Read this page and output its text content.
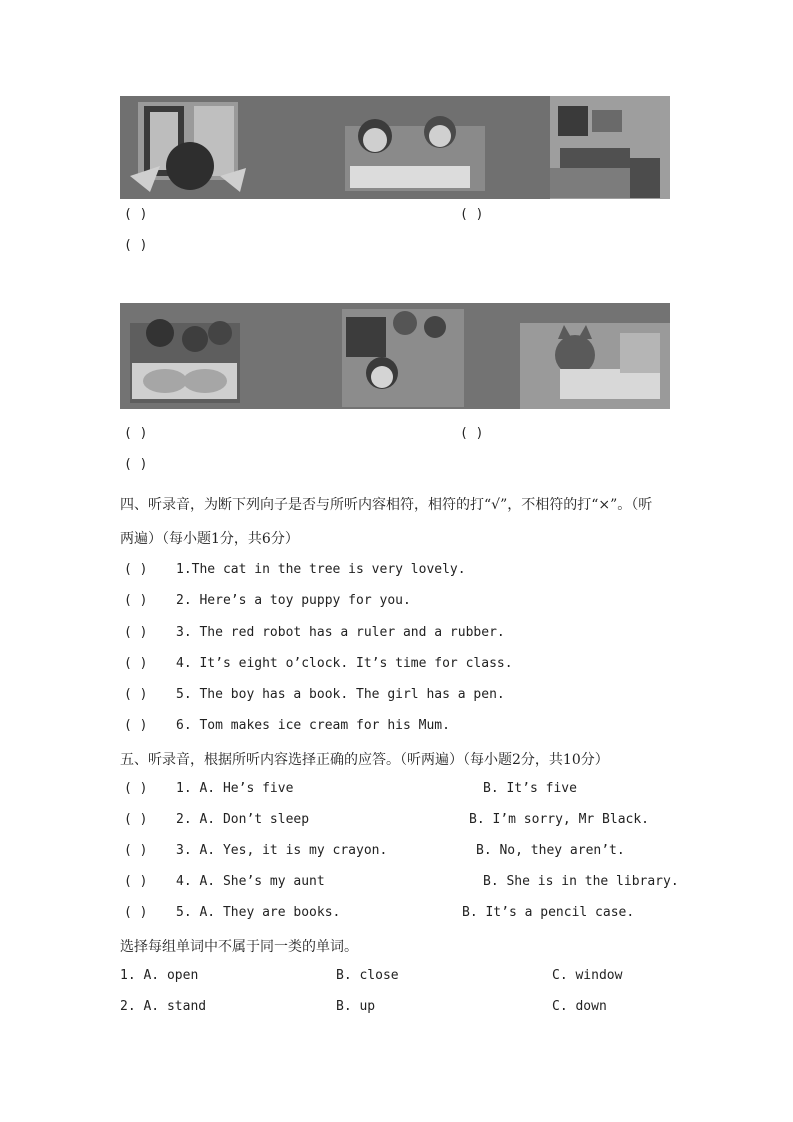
( )	( )
( )
( )	( )
( )
四、听录音，为断下列向子是否与所听内容相符，相符的打“√”，不相符的打“×”。（听
两遍）（每小题1分，共6分）
( ) 1.The cat in the tree is very lovely.
( ) 2. Here’s a toy puppy for you.
( ) 3. The red robot has a ruler and a rubber.
( ) 4. It’s eight o’clock. It’s time for class.
( ) 5. The boy has a book. The girl has a pen.
( ) 6. Tom makes ice cream for his Mum.
五、听录音，根据所听内容选择正确的应答。（听两遍）（每小题2分，共10分）
( ) 1. A. He’s five	B. It’s five
( ) 2. A. Don’t sleep	B. I’m sorry, Mr Black.
( ) 3. A. Yes, it is my crayon.	B. No, they aren’t.
( ) 4. A. She’s my aunt	B. She is in the library.
( ) 5. A. They are books.	B. It’s a pencil case.
选择每组单词中不属于同一类的单词。
1. A. open	B. close	C. window
2. A. stand	B. up	C. down
